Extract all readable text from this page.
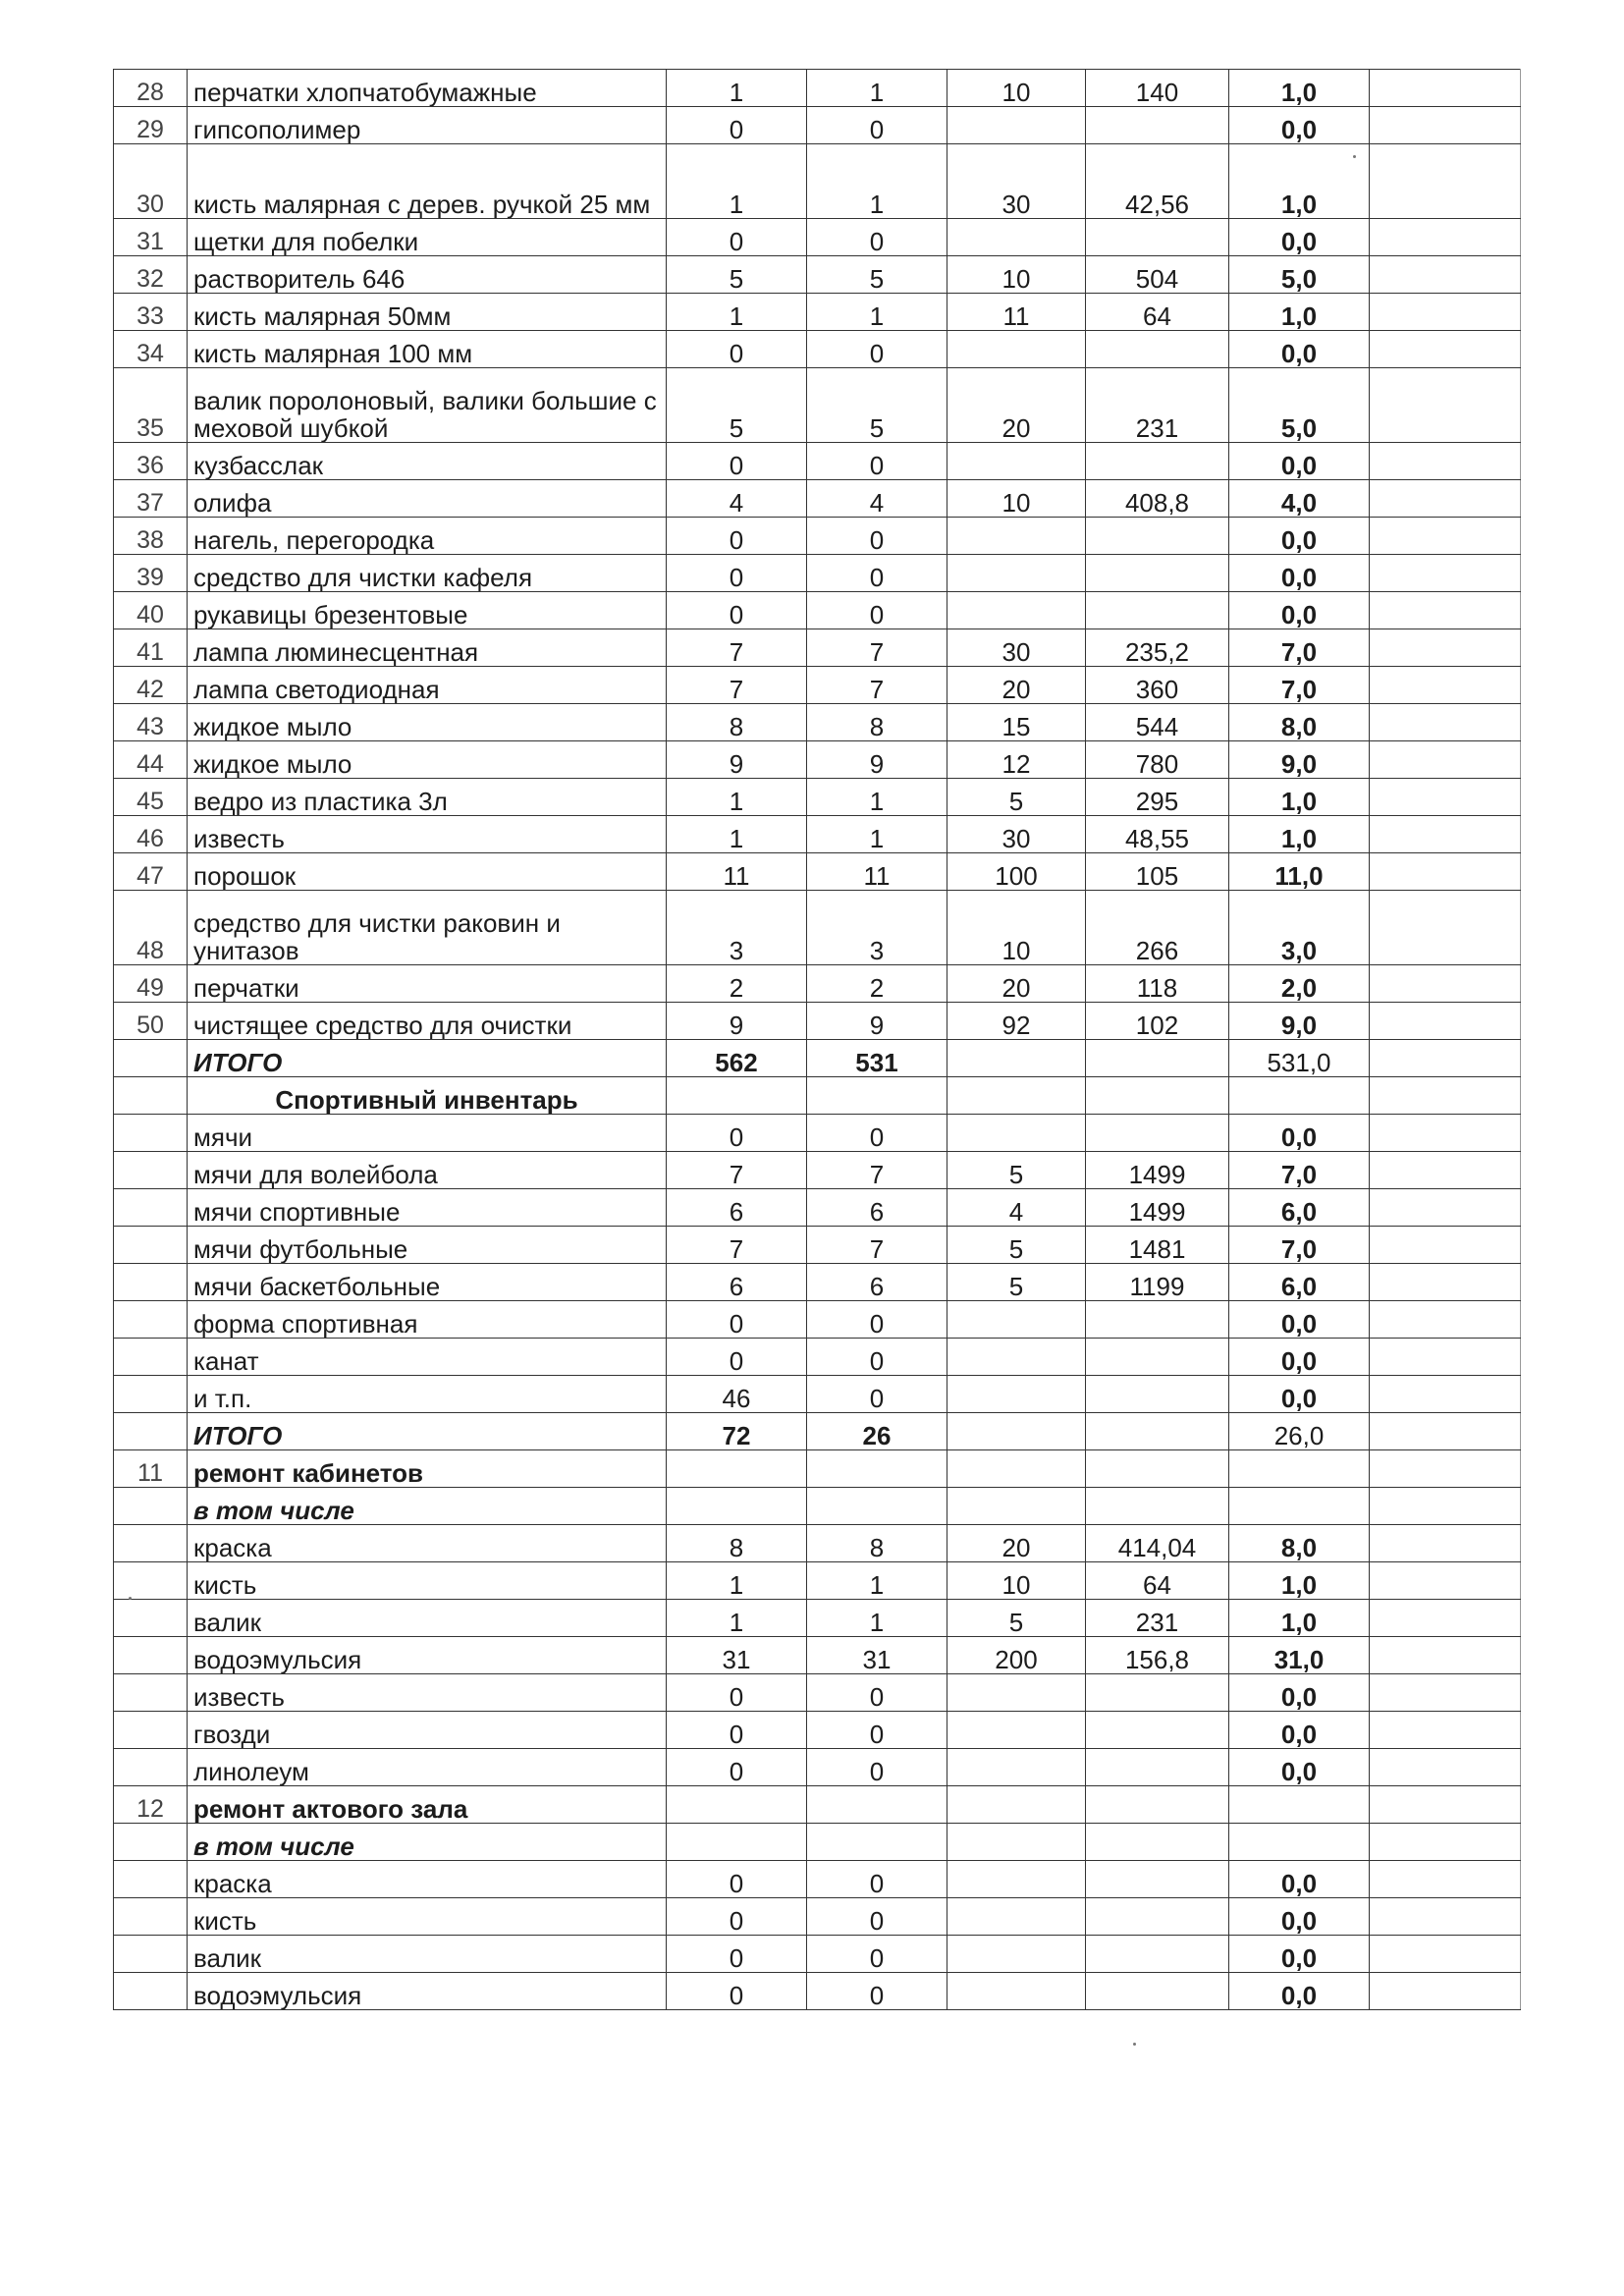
28	перчатки хлопчатобумажные	1	1	10	140	1,0	
29	гипсополимер	0	0			0,0	
30	кисть малярная с дерев. ручкой 25 мм	1	1	30	42,56	1,0	
31	щетки для побелки	0	0			0,0	
32	растворитель 646	5	5	10	504	5,0	
33	кисть малярная 50мм	1	1	11	64	1,0	
34	кисть малярная 100 мм	0	0			0,0	
35	валик поролоновый, валики большие с меховой шубкой	5	5	20	231	5,0	
36	кузбасслак	0	0			0,0	
37	олифа	4	4	10	408,8	4,0	
38	нагель, перегородка	0	0			0,0	
39	средство для чистки кафеля	0	0			0,0	
40	рукавицы брезентовые	0	0			0,0	
41	лампа люминесцентная	7	7	30	235,2	7,0	
42	лампа светодиодная	7	7	20	360	7,0	
43	жидкое мыло	8	8	15	544	8,0	
44	жидкое мыло	9	9	12	780	9,0	
45	ведро из пластика 3л	1	1	5	295	1,0	
46	известь	1	1	30	48,55	1,0	
47	порошок	11	11	100	105	11,0	
48	средство для чистки раковин и унитазов	3	3	10	266	3,0	
49	перчатки	2	2	20	118	2,0	
50	чистящее средство для очистки	9	9	92	102	9,0	
	ИТОГО	562	531			531,0	
	Спортивный инвентарь						
	мячи	0	0			0,0	
	мячи для волейбола	7	7	5	1499	7,0	
	мячи спортивные	6	6	4	1499	6,0	
	мячи футбольные	7	7	5	1481	7,0	
	мячи баскетбольные	6	6	5	1199	6,0	
	форма спортивная	0	0			0,0	
	канат	0	0			0,0	
	и т.п.	46	0			0,0	
	ИТОГО	72	26			26,0	
11	ремонт кабинетов						
	в том числе						
	краска	8	8	20	414,04	8,0	
	кисть	1	1	10	64	1,0	
	валик	1	1	5	231	1,0	
	водоэмульсия	31	31	200	156,8	31,0	
	известь	0	0			0,0	
	гвозди	0	0			0,0	
	линолеум	0	0			0,0	
12	ремонт актового зала						
	в том числе						
	краска	0	0			0,0	
	кисть	0	0			0,0	
	валик	0	0			0,0	
	водоэмульсия	0	0			0,0	
